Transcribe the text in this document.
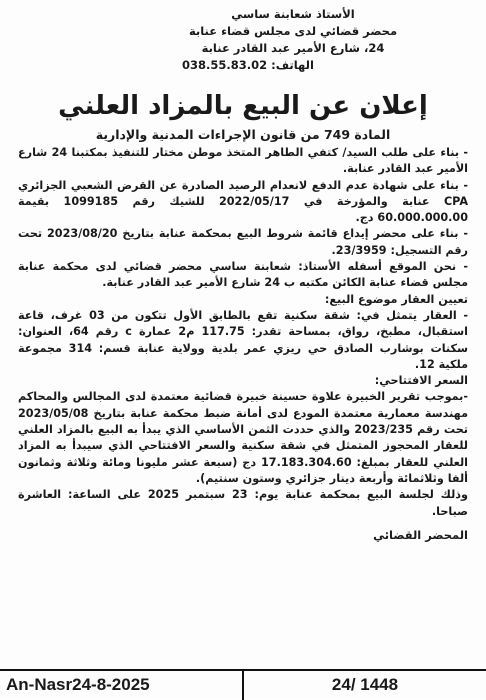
الأستاذ شعابنة ساسي
محضر قضائي لدى مجلس قضاء عنابة
24، شارع الأمير عبد القادر عنابة
الهاتف: 038.55.83.02
إعلان عن البيع بالمزاد العلني
المادة 749 من قانون الإجراءات المدنية والإدارية

- بناء على طلب السيد/ كتفي الطاهر المتخذ موطن مختار للتنفيذ بمكتبنا 24 شارع الأمير عبد القادر عنابة.

- بناء على شهادة عدم الدفع لانعدام الرصيد الصادرة عن القرض الشعبي الجزائري CPA عنابة والمؤرخة في 2022/05/17 للشيك رقم 1099185 بقيمة 60.000.000.00 دج.

- بناء على محضر إيداع قائمة شروط البيع بمحكمة عنابة بتاريخ 2023/08/20 تحت رقم التسجيل: 23/3959.

- نحن الموقع أسفله الأستاذ: شعابنة ساسي محضر قضائي لدى محكمة عنابة مجلس قضاء عنابة الكائن مكتبه ب 24 شارع الأمير عبد القادر عنابة.

تعيين العقار موضوع البيع:

- العقار يتمثل في: شقة سكنية تقع بالطابق الأول تتكون من 03 غرف، قاعة استقبال، مطبخ، رواق، بمساحة تقدر: 117.75 م2 عمارة c رقم 64، العنوان: سكنات بوشارب الصادق حي ريزي عمر بلدية وولاية عنابة قسم: 314 مجموعة ملكية 12.

السعر الافتتاحي:

-بموجب تقرير الخبيرة علاوة حسينة خبيرة قضائية معتمدة لدى المجالس والمحاكم مهندسة معمارية معتمدة المودع لدى أمانة ضبط محكمة عنابة بتاريخ 2023/05/08 تحت رقم 2023/235 والذي حددت الثمن الأساسي الذي يبدأ به البيع بالمزاد العلني للعقار المحجوز المتمثل في شقة سكنية والسعر الافتتاحي الذي سيبدأ به المزاد العلني للعقار بمبلغ: 17.183.304.60 دج (سبعة عشر مليونا ومائة وثلاثة وثمانون ألفا وثلاثمائة وأربعة دينار جزائري وستون سنتيم).

وذلك لجلسة البيع بمحكمة عنابة يوم: 23 سبتمبر 2025 على الساعة: العاشرة صباحا.

المحضر القضائي
An-Nasr24-8-2025	24/ 1448
